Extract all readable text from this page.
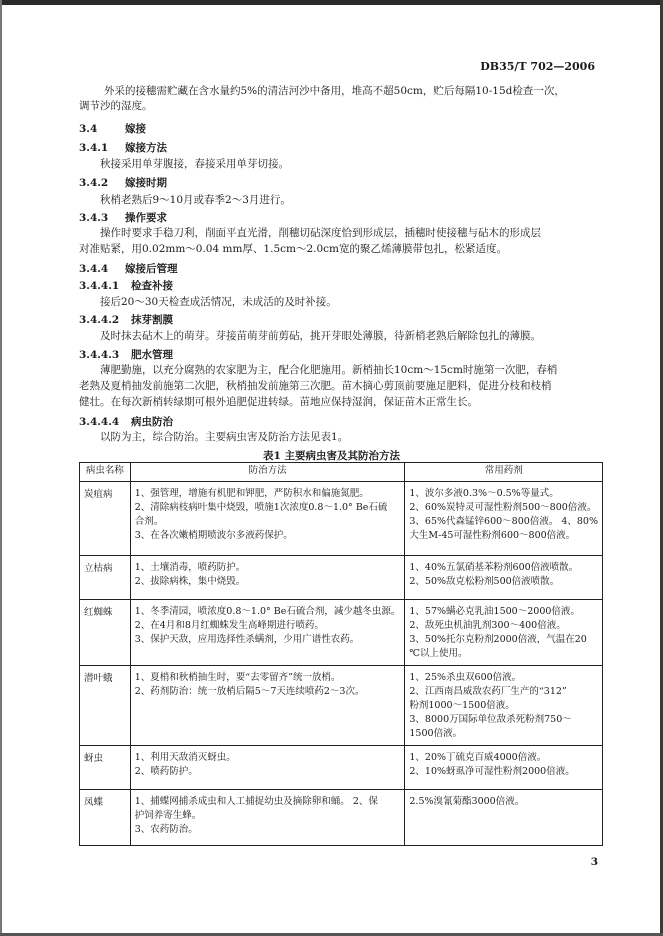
DB35/T 702—2006
外采的接穗需贮藏在含水量约5%的清洁河沙中备用，堆高不超50cm，贮后每隔10-15d检查一次，
调节沙的湿度。
3.4	嫁接
3.4.1 嫁接方法
秋接采用单芽腹接，春接采用单芽切接。
3.4.2 嫁接时期
秋梢老熟后9～10月或春季2～3月进行。
3.4.3 操作要求
操作时要求手稳刀利，削面平直光滑，削穗切砧深度恰到形成层，插穗时使接穗与砧木的形成层
对准贴紧，用0.02mm～0.04 mm厚、1.5cm～2.0cm宽的聚乙烯薄膜带包扎，松紧适度。
3.4.4 嫁接后管理
3.4.4.1 检查补接
接后20～30天检查成活情况，未成活的及时补接。
3.4.4.2 抹芽割膜
及时抹去砧木上的萌芽。芽接苗萌芽前剪砧，挑开芽眼处薄膜，待新梢老熟后解除包扎的薄膜。
3.4.4.3 肥水管理
薄肥勤施，以充分腐熟的农家肥为主，配合化肥施用。新梢抽长10cm～15cm时施第一次肥，春梢
老熟及夏梢抽发前施第二次肥，秋梢抽发前施第三次肥。苗木摘心剪顶前要施足肥料，促进分枝和枝梢
健壮。在每次新梢转绿期可根外追肥促进转绿。苗地应保持湿润，保证苗木正常生长。
3.4.4.4 病虫防治
以防为主，综合防治。主要病虫害及防治方法见表1。
表1 主要病虫害及其防治方法
病虫名称	防治方法	常用药剂
炭疽病	1、强管理，增施有机肥和钾肥，严防积水和偏施氮肥。
2、清除病枝病叶集中烧毁，喷施1次浓度0.8～1.0° Be石硫
合剂。
3、在各次嫩梢期喷波尔多液药保护。	1、波尔多液0.3%～0.5%等量式。
2、60%炭特灵可湿性粉剂500～800倍液。
3、65%代森锰锌600～800倍液。 4、80%
大生M-45可湿性粉剂600～800倍液。

立枯病	1、土壤消毒，喷药防护。
2、拔除病株，集中烧毁。	1、40%五氯硝基苯粉剂600倍液喷散。
2、50%敌克松粉剂500倍液喷散。

红蜘蛛	1、冬季清园，喷浓度0.8～1.0° Be石硫合剂，减少越冬虫源。
2、在4月和8月红蜘蛛发生高峰期进行喷药。
3、保护天敌，应用选择性杀螨剂，少用广谱性农药。	1、57%螨必克乳油1500～2000倍液。
2、敌死虫机油乳剂300～400倍液。
3、50%托尔克粉剂2000倍液，气温在20
℃以上使用。

潜叶蛾	1、夏梢和秋梢抽生时，要“去零留齐”统一放梢。
2、药剂防治：统一放梢后隔5～7天连续喷药2～3次。	1、25%杀虫双600倍液。
2、江西南昌威敌农药厂生产的“312”
粉剂1000～1500倍液。
3、8000万国际单位敌杀死粉剂750～
1500倍液。

蚜虫	1、利用天敌消灭蚜虫。
2、喷药防护。	1、20%丁硫克百威4000倍液。
2、10%蚜虱净可湿性粉剂2000倍液。

凤蝶	1、捕蝶网捕杀成虫和人工捕捉幼虫及摘除卵和蛹。 2、保
护饲养寄生蜂。
3、农药防治。	2.5%溴氰菊酯3000倍液。
3
